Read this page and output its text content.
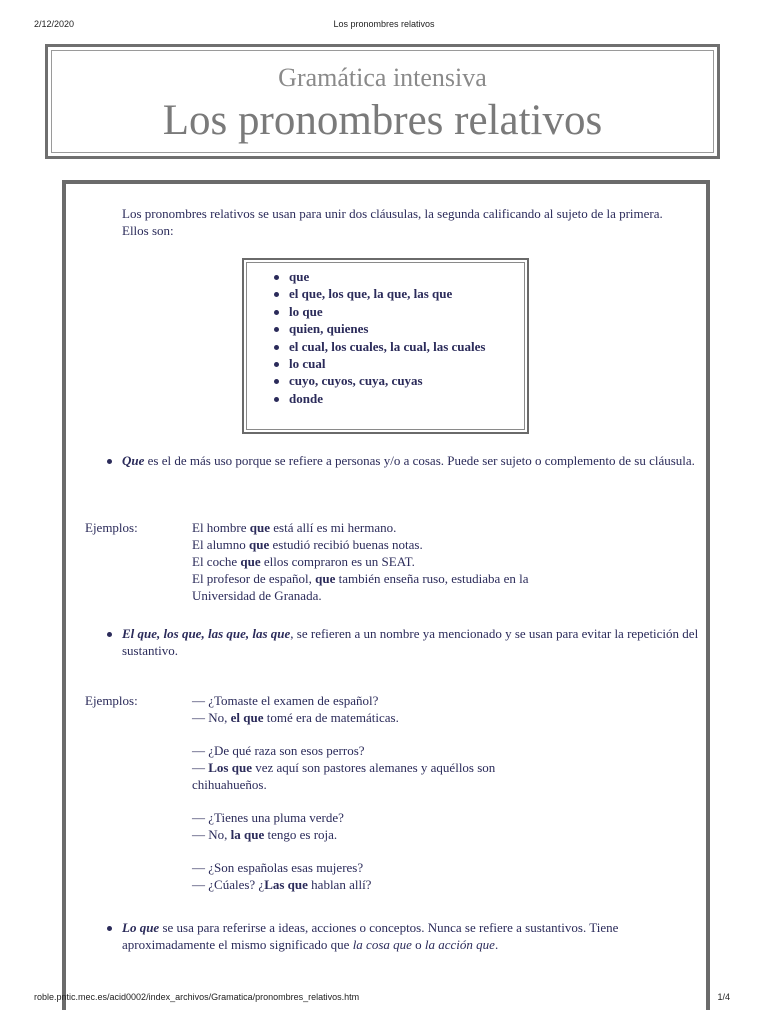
2/12/2020	Los pronombres relativos
Gramática intensiva
Los pronombres relativos
Los pronombres relativos se usan para unir dos cláusulas, la segunda calificando al sujeto de la primera. Ellos son:
que
el que, los que, la que, las que
lo que
quien, quienes
el cual, los cuales, la cual, las cuales
lo cual
cuyo, cuyos, cuya, cuyas
donde
Que es el de más uso porque se refiere a personas y/o a cosas. Puede ser sujeto o complemento de su cláusula.
Ejemplos:	El hombre que está allí es mi hermano.
El alumno que estudió recibió buenas notas.
El coche que ellos compraron es un SEAT.
El profesor de español, que también enseña ruso, estudiaba en la Universidad de Granada.
El que, los que, las que, las que, se refieren a un nombre ya mencionado y se usan para evitar la repetición del sustantivo.
Ejemplos:	— ¿Tomaste el examen de español?
— No, el que tomé era de matemáticas.
— ¿De qué raza son esos perros?
— Los que vez aquí son pastores alemanes y aquéllos son chihuahueños.
— ¿Tienes una pluma verde?
— No, la que tengo es roja.
— ¿Son españolas esas mujeres?
— ¿Cúales? ¿Las que hablan allí?
Lo que se usa para referirse a ideas, acciones o conceptos. Nunca se refiere a sustantivos. Tiene aproximadamente el mismo significado que la cosa que o la acción que.
roble.pntic.mec.es/acid0002/index_archivos/Gramatica/pronombres_relativos.htm	1/4
